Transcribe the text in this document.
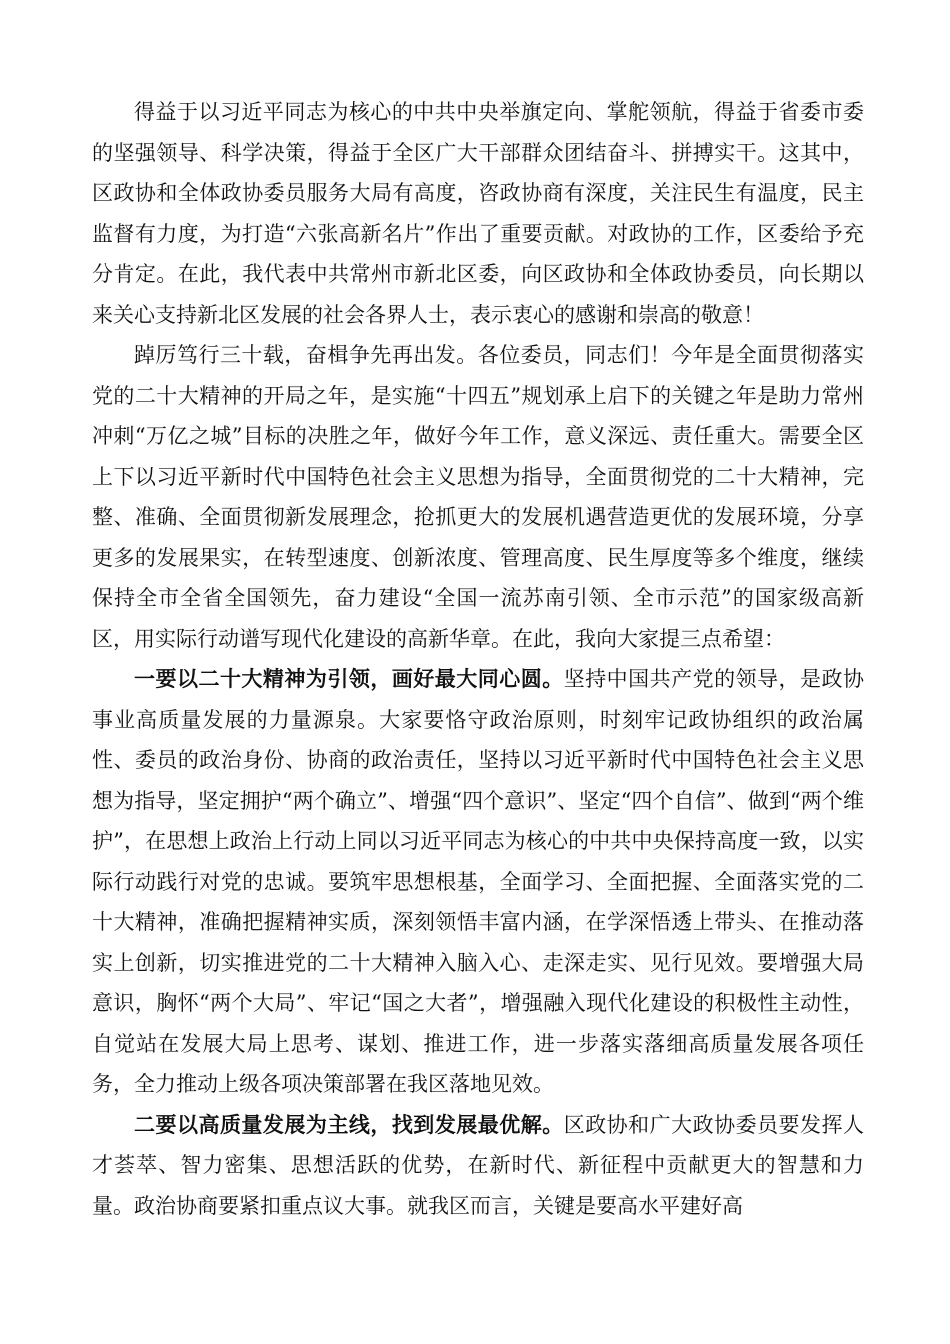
得益于以习近平同志为核心的中共中央举旗定向、掌舵领航，得益于省委市委的坚强领导、科学决策，得益于全区广大干部群众团结奋斗、拼搏实干。这其中，区政协和全体政协委员服务大局有高度，咨政协商有深度，关注民生有温度，民主监督有力度，为打造“六张高新名片”作出了重要贡献。对政协的工作，区委给予充分肯定。在此，我代表中共常州市新北区委，向区政协和全体政协委员，向长期以来关心支持新北区发展的社会各界人士，表示衷心的感谢和崇高的敬意！

踔厉笃行三十载，奋楫争先再出发。各位委员，同志们！今年是全面贯彻落实党的二十大精神的开局之年，是实施“十四五”规划承上启下的关键之年是助力常州冲刺“万亿之城”目标的决胜之年，做好今年工作，意义深远、责任重大。需要全区上下以习近平新时代中国特色社会主义思想为指导，全面贯彻党的二十大精神，完整、准确、全面贯彻新发展理念，抢抓更大的发展机遇营造更优的发展环境，分享更多的发展果实，在转型速度、创新浓度、管理高度、民生厚度等多个维度，继续保持全市全省全国领先，奋力建设“全国一流苏南引领、全市示范”的国家级高新区，用实际行动谱写现代化建设的高新华章。在此，我向大家提三点希望：

一要以二十大精神为引领，画好最大同心圆。坚持中国共产党的领导，是政协事业高质量发展的力量源泉。大家要恪守政治原则，时刻牢记政协组织的政治属性、委员的政治身份、协商的政治责任，坚持以习近平新时代中国特色社会主义思想为指导，坚定拥护“两个确立”、增强“四个意识”、坚定“四个自信”、做到“两个维护”，在思想上政治上行动上同以习近平同志为核心的中共中央保持高度一致，以实际行动践行对党的忠诚。要筑牢思想根基，全面学习、全面把握、全面落实党的二十大精神，准确把握精神实质，深刻领悟丰富内涵，在学深悟透上带头、在推动落实上创新，切实推进党的二十大精神入脑入心、走深走实、见行见效。要增强大局意识，胸怀“两个大局”、牢记“国之大者”，增强融入现代化建设的积极性主动性，自觉站在发展大局上思考、谋划、推进工作，进一步落实落细高质量发展各项任务，全力推动上级各项决策部署在我区落地见效。

二要以高质量发展为主线，找到发展最优解。区政协和广大政协委员要发挥人才荟萃、智力密集、思想活跃的优势，在新时代、新征程中贡献更大的智慧和力量。政治协商要紧扣重点议大事。就我区而言，关键是要高水平建好高
